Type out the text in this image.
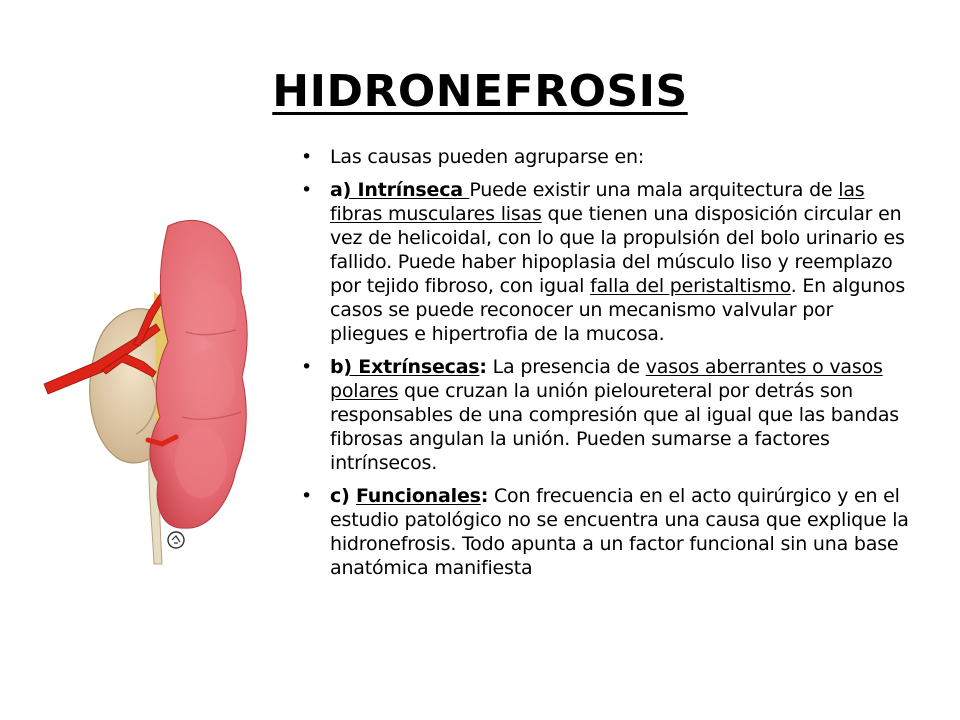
HIDRONEFROSIS
• Las causas pueden agruparse en:
• a) Intrínseca Puede existir una mala arquitectura de las fibras musculares lisas que tienen una disposición circular en vez de helicoidal, con lo que la propulsión del bolo urinario es fallido. Puede haber hipoplasia del músculo liso y reemplazo por tejido fibroso, con igual falla del peristaltismo. En algunos casos se puede reconocer un mecanismo valvular por pliegues e hipertrofia de la mucosa.
• b) Extrínsecas: La presencia de vasos aberrantes o vasos polares que cruzan la unión pieloureteral por detrás son responsables de una compresión que al igual que las bandas fibrosas angulan la unión. Pueden sumarse a factores intrínsecos.
• c) Funcionales: Con frecuencia en el acto quirúrgico y en el estudio patológico no se encuentra una causa que explique la hidronefrosis. Todo apunta a un factor funcional sin una base anatómica manifiesta
